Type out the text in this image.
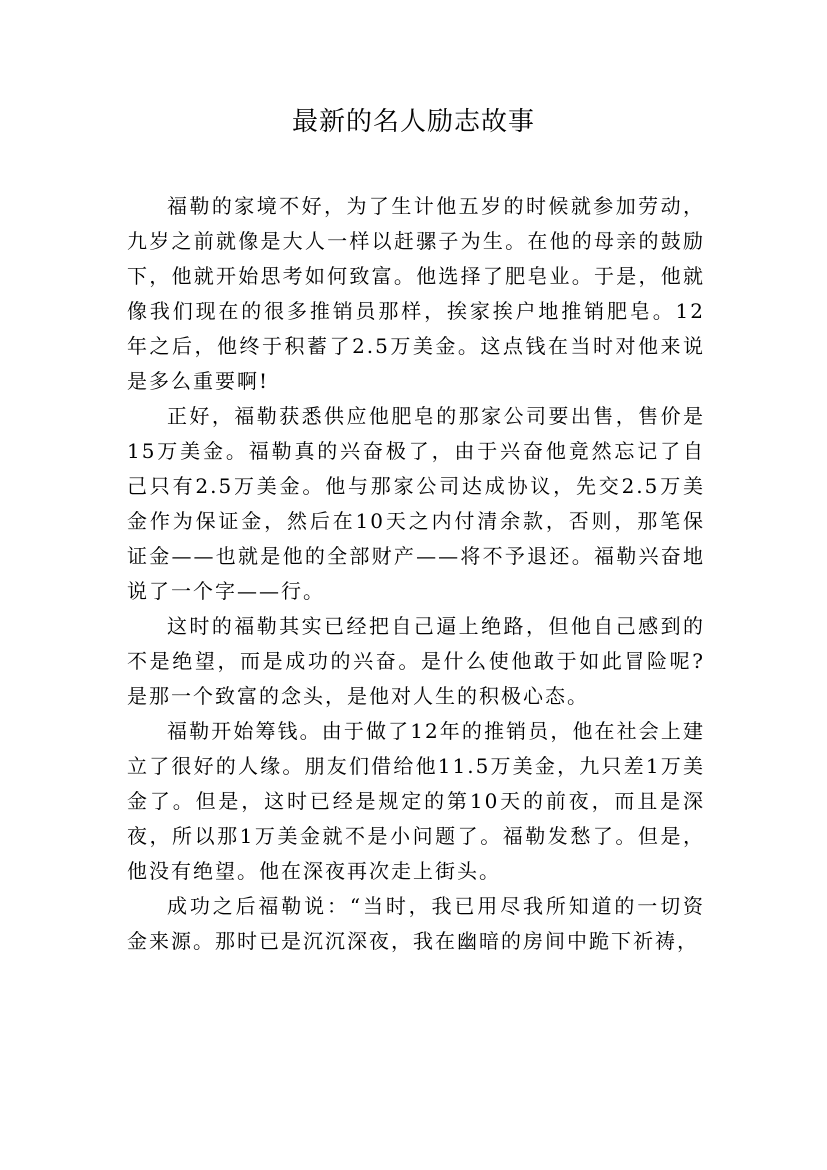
最新的名人励志故事

福勒的家境不好，为了生计他五岁的时候就参加劳动，九岁之前就像是大人一样以赶骡子为生。在他的母亲的鼓励下，他就开始思考如何致富。他选择了肥皂业。于是，他就像我们现在的很多推销员那样，挨家挨户地推销肥皂。12年之后，他终于积蓄了2.5万美金。这点钱在当时对他来说是多么重要啊!

正好，福勒获悉供应他肥皂的那家公司要出售，售价是15万美金。福勒真的兴奋极了，由于兴奋他竟然忘记了自己只有2.5万美金。他与那家公司达成协议，先交2.5万美金作为保证金，然后在10天之内付清余款，否则，那笔保证金——也就是他的全部财产——将不予退还。福勒兴奋地说了一个字——行。

这时的福勒其实已经把自己逼上绝路，但他自己感到的不是绝望，而是成功的兴奋。是什么使他敢于如此冒险呢?是那一个致富的念头，是他对人生的积极心态。

福勒开始筹钱。由于做了12年的推销员，他在社会上建立了很好的人缘。朋友们借给他11.5万美金，九只差1万美金了。但是，这时已经是规定的第10天的前夜，而且是深夜，所以那1万美金就不是小问题了。福勒发愁了。但是，他没有绝望。他在深夜再次走上街头。

成功之后福勒说：“当时，我已用尽我所知道的一切资金来源。那时已是沉沉深夜，我在幽暗的房间中跪下祈祷，
